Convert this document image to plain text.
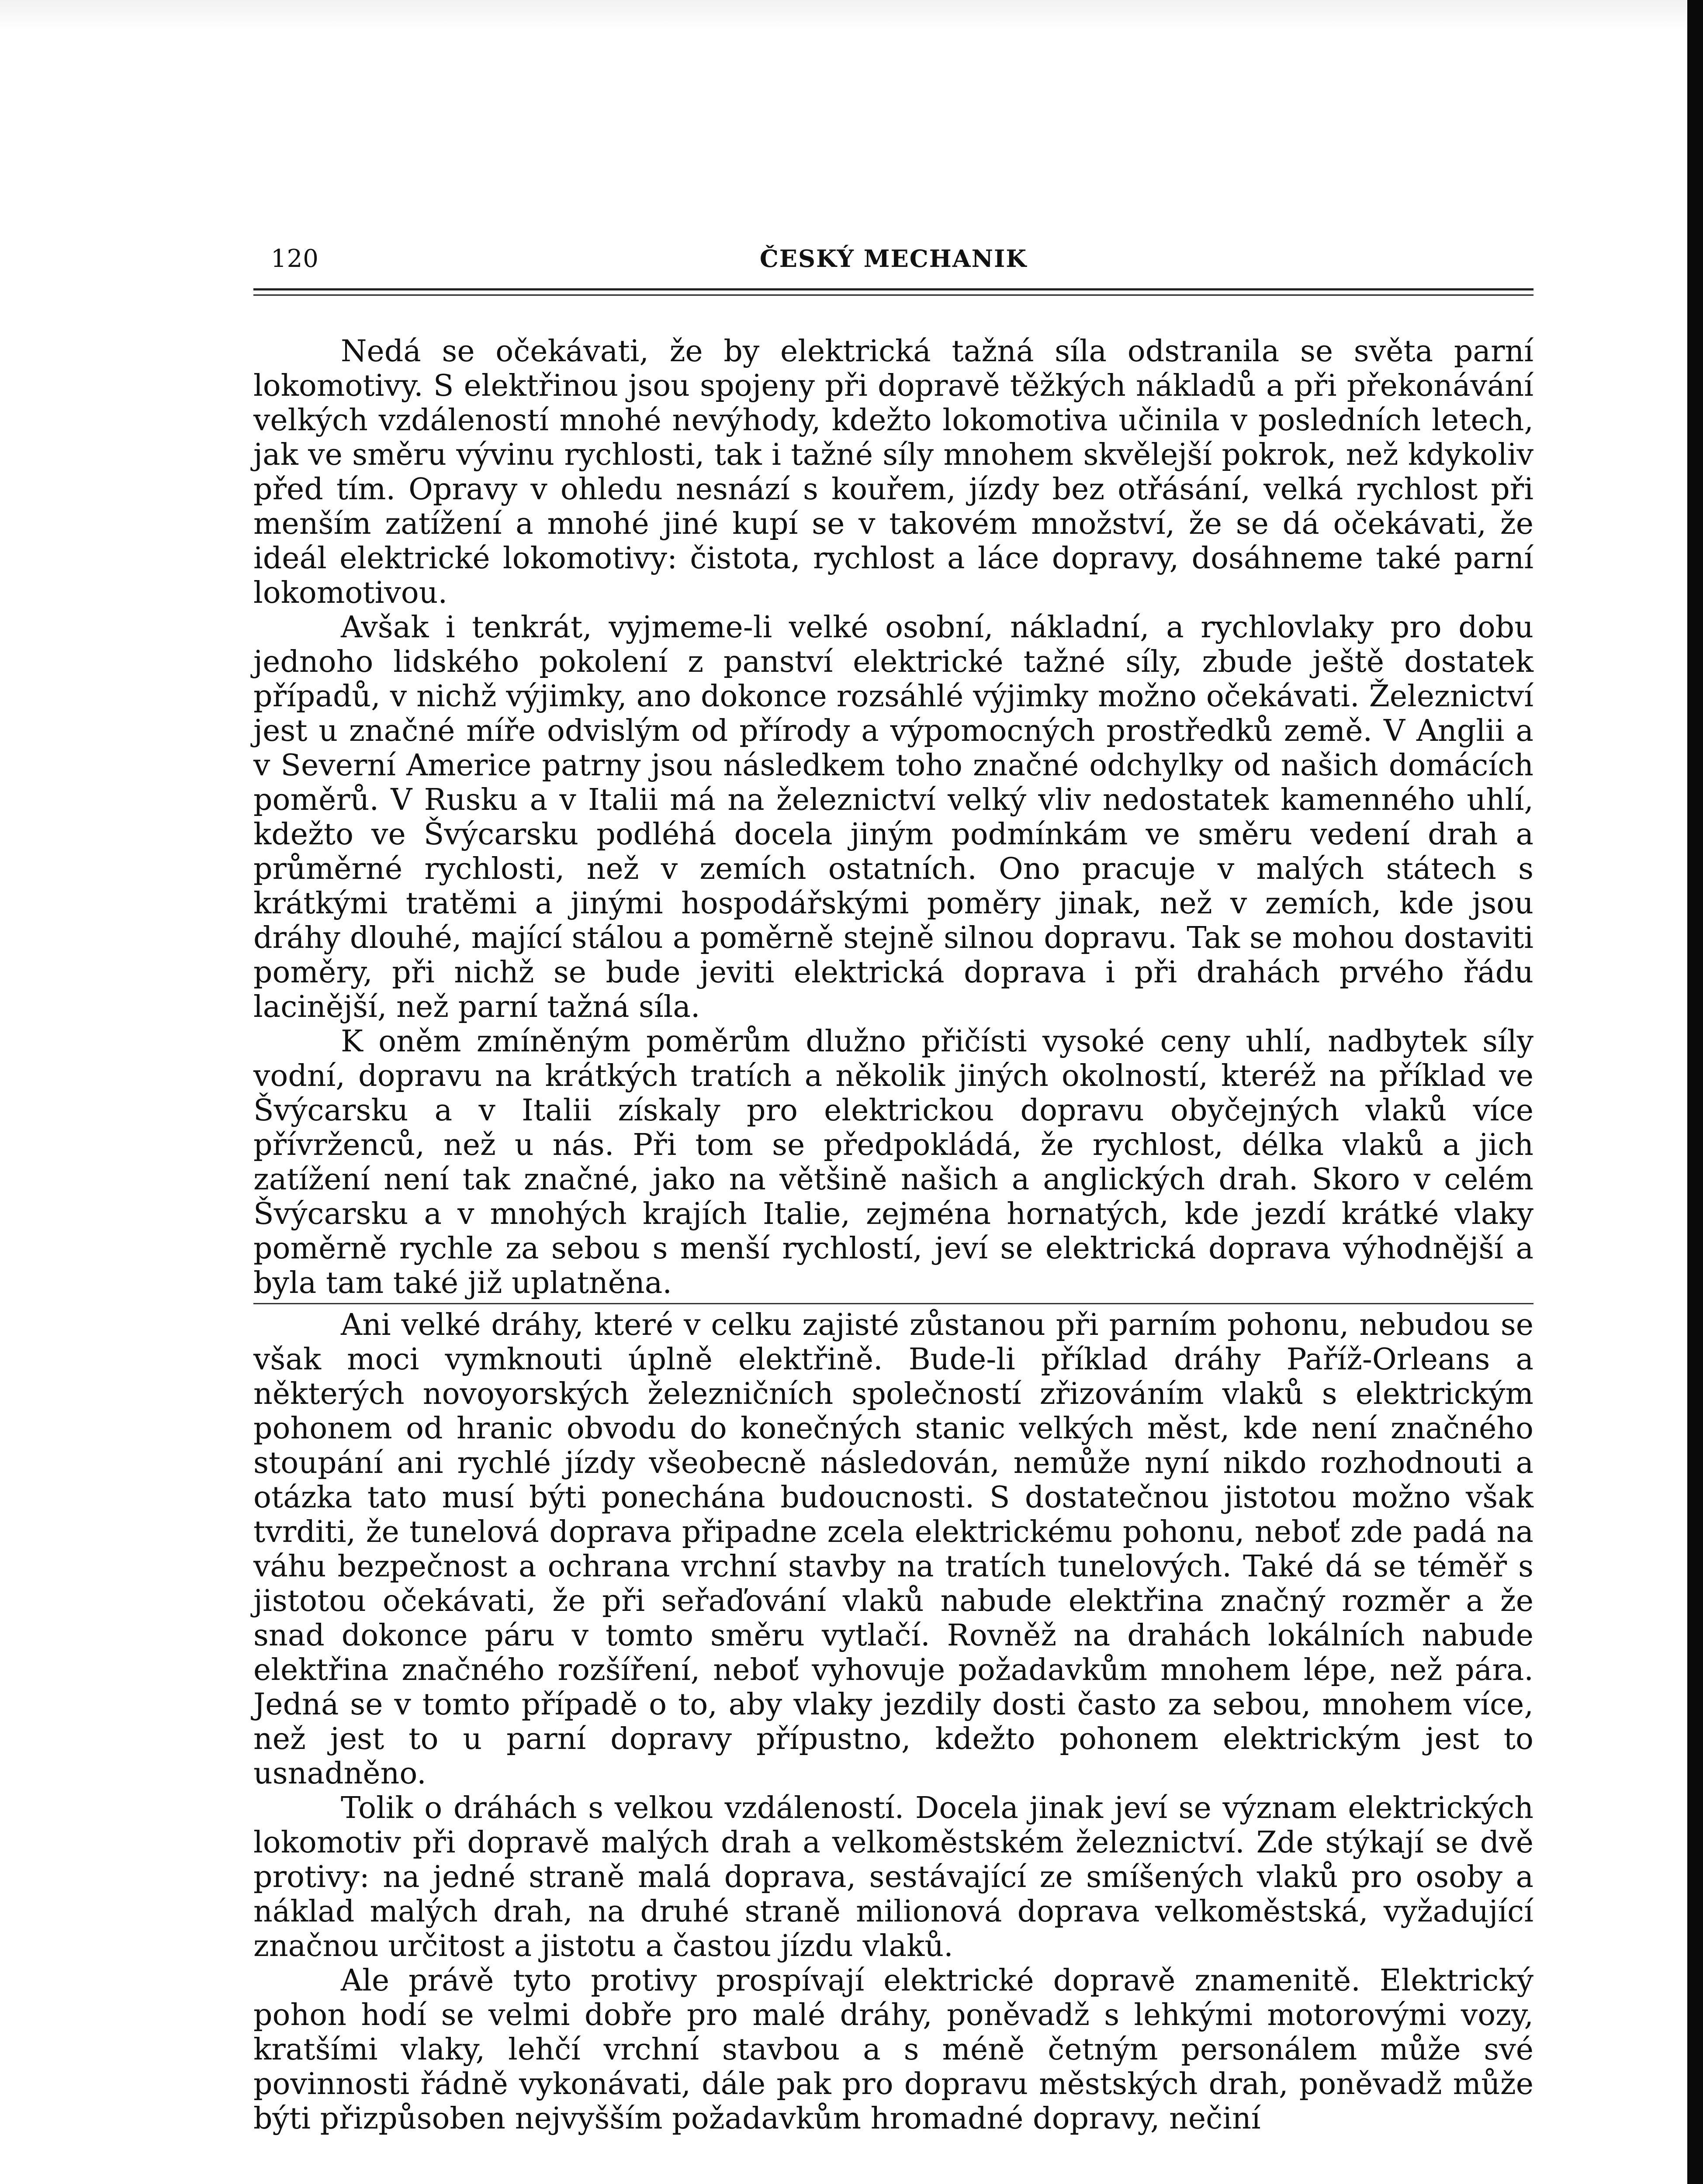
120	ČESKÝ MECHANIK

Nedá se očekávati, že by elektrická tažná síla odstranila se světa parní lokomotivy. S elektřinou jsou spojeny při dopravě těžkých nákladů a při překonávání velkých vzdáleností mnohé nevýhody, kdežto lokomotiva učinila v posledních letech, jak ve směru vývinu rychlosti, tak i tažné síly mnohem skvělejší pokrok, než kdykoliv před tím. Opravy v ohledu nesnází s kouřem, jízdy bez otřásání, velká rychlost při menším zatížení a mnohé jiné kupí se v takovém množství, že se dá očekávati, že ideál elektrické lokomotivy: čistota, rychlost a láce dopravy, dosáhneme také parní lokomotivou.

Avšak i tenkrát, vyjmeme-li velké osobní, nákladní, a rychlovlaky pro dobu jednoho lidského pokolení z panství elektrické tažné síly, zbude ještě dostatek případů, v nichž výjimky, ano dokonce rozsáhlé výjimky možno očekávati. Železnictví jest u značné míře odvislým od přírody a výpomocných prostředků země. V Anglii a v Severní Americe patrny jsou následkem toho značné odchylky od našich domácích poměrů. V Rusku a v Italii má na železnictví velký vliv nedostatek kamenného uhlí, kdežto ve Švýcarsku podléhá docela jiným podmínkám ve směru vedení drah a průměrné rychlosti, než v zemích ostatních. Ono pracuje v malých státech s krátkými tratěmi a jinými hospodářskými poměry jinak, než v zemích, kde jsou dráhy dlouhé, mající stálou a poměrně stejně silnou dopravu. Tak se mohou dostaviti poměry, při nichž se bude jeviti elektrická doprava i při drahách prvého řádu lacinější, než parní tažná síla.

K oněm zmíněným poměrům dlužno přičísti vysoké ceny uhlí, nadbytek síly vodní, dopravu na krátkých tratích a několik jiných okolností, kteréž na příklad ve Švýcarsku a v Italii získaly pro elektrickou dopravu obyčejných vlaků více přívrženců, než u nás. Při tom se předpokládá, že rychlost, délka vlaků a jich zatížení není tak značné, jako na většině našich a anglických drah. Skoro v celém Švýcarsku a v mnohých krajích Italie, zejména hornatých, kde jezdí krátké vlaky poměrně rychle za sebou s menší rychlostí, jeví se elektrická doprava výhodnější a byla tam také již uplatněna.

Ani velké dráhy, které v celku zajisté zůstanou při parním pohonu, nebudou se však moci vymknouti úplně elektřině. Bude-li příklad dráhy Paříž-Orleans a některých novoyorských železničních společností zřizováním vlaků s elektrickým pohonem od hranic obvodu do konečných stanic velkých měst, kde není značného stoupání ani rychlé jízdy všeobecně následován, nemůže nyní nikdo rozhodnouti a otázka tato musí býti ponechána budoucnosti. S dostatečnou jistotou možno však tvrditi, že tunelová doprava připadne zcela elektrickému pohonu, neboť zde padá na váhu bezpečnost a ochrana vrchní stavby na tratích tunelových. Také dá se téměř s jistotou očekávati, že při seřaďování vlaků nabude elektřina značný rozměr a že snad dokonce páru v tomto směru vytlačí. Rovněž na drahách lokálních nabude elektřina značného rozšíření, neboť vyhovuje požadavkům mnohem lépe, než pára. Jedná se v tomto případě o to, aby vlaky jezdily dosti často za sebou, mnohem více, než jest to u parní dopravy přípustno, kdežto pohonem elektrickým jest to usnadněno.

Tolik o dráhách s velkou vzdáleností. Docela jinak jeví se význam elektrických lokomotiv při dopravě malých drah a velkoměstském železnictví. Zde stýkají se dvě protivy: na jedné straně malá doprava, sestávající ze smíšených vlaků pro osoby a náklad malých drah, na druhé straně milionová doprava velkoměstská, vyžadující značnou určitost a jistotu a častou jízdu vlaků.

Ale právě tyto protivy prospívají elektrické dopravě znamenitě. Elektrický pohon hodí se velmi dobře pro malé dráhy, poněvadž s lehkými motorovými vozy, kratšími vlaky, lehčí vrchní stavbou a s méně četným personálem může své povinnosti řádně vykonávati, dále pak pro dopravu městských drah, poněvadž může býti přizpůsoben nejvyšším požadavkům hromadné dopravy, nečiní
